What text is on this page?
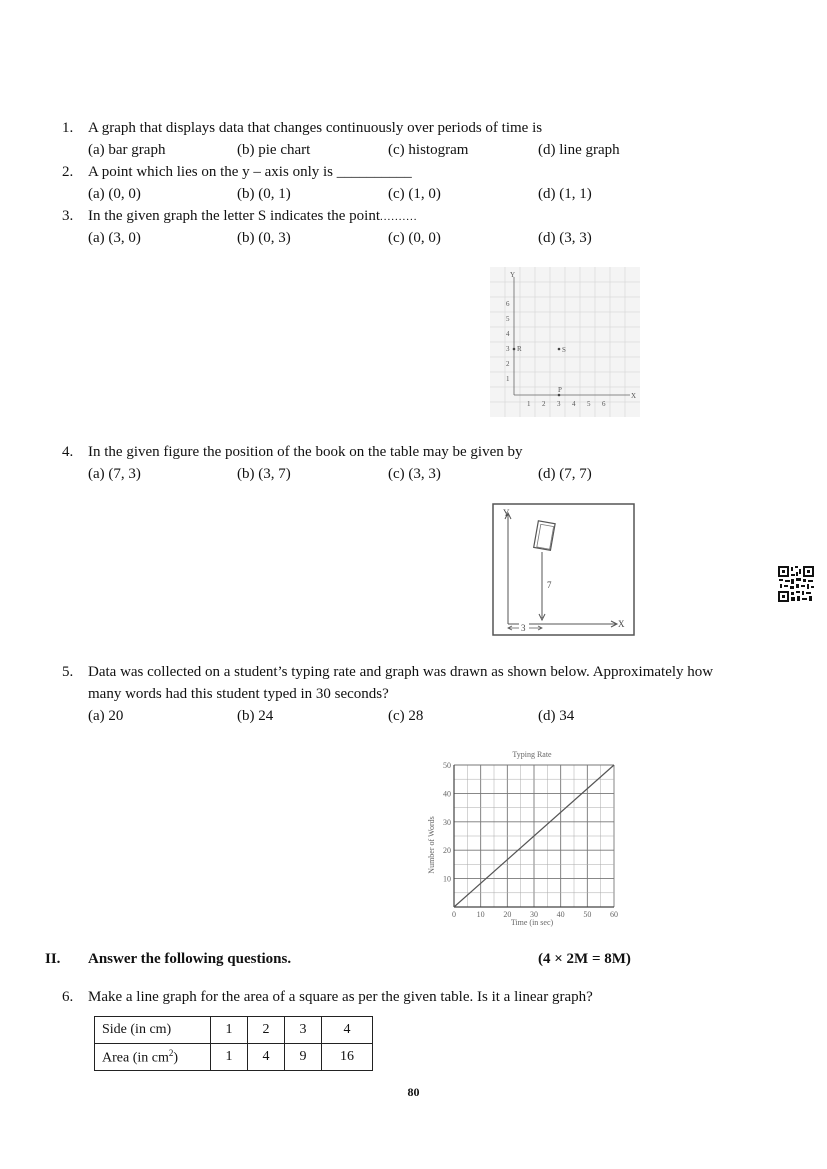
1. A graph that displays data that changes continuously over periods of time is
(a) bar graph	(b) pie chart	(c) histogram	(d) line graph
2. A point which lies on the y – axis only is __________
(a) (0, 0)	(b) (0, 1)	(c) (1, 0)	(d) (1, 1)
3. In the given graph the letter S indicates the point..........
(a) (3, 0)	(b) (0, 3)	(c) (0, 0)	(d) (3, 3)
Y
X
1
2
3
4
5
6
1 2 3 4 5 6
R	S
P
4. In the given figure the position of the book on the table may be given by
(a) (7, 3)	(b) (3, 7)	(c) (3, 3)	(d) (7, 7)
Y
X
7
3
5. Data was collected on a student’s typing rate and graph was drawn as shown below. Approximately how
many words had this student typed in 30 seconds?
(a) 20	(b) 24	(c) 28	(d) 34
Typing Rate
0	10 20 30 40 50 60
10
20
30
40
50
Time (in sec)
Number of Words
II. Answer the following questions.	(4 × 2M = 8M)
6. Make a line graph for the area of a square as per the given table. Is it a linear graph?
Side (in cm)	1	2	3	4
Area (in $cm^2$)	1	4	9	16
80
